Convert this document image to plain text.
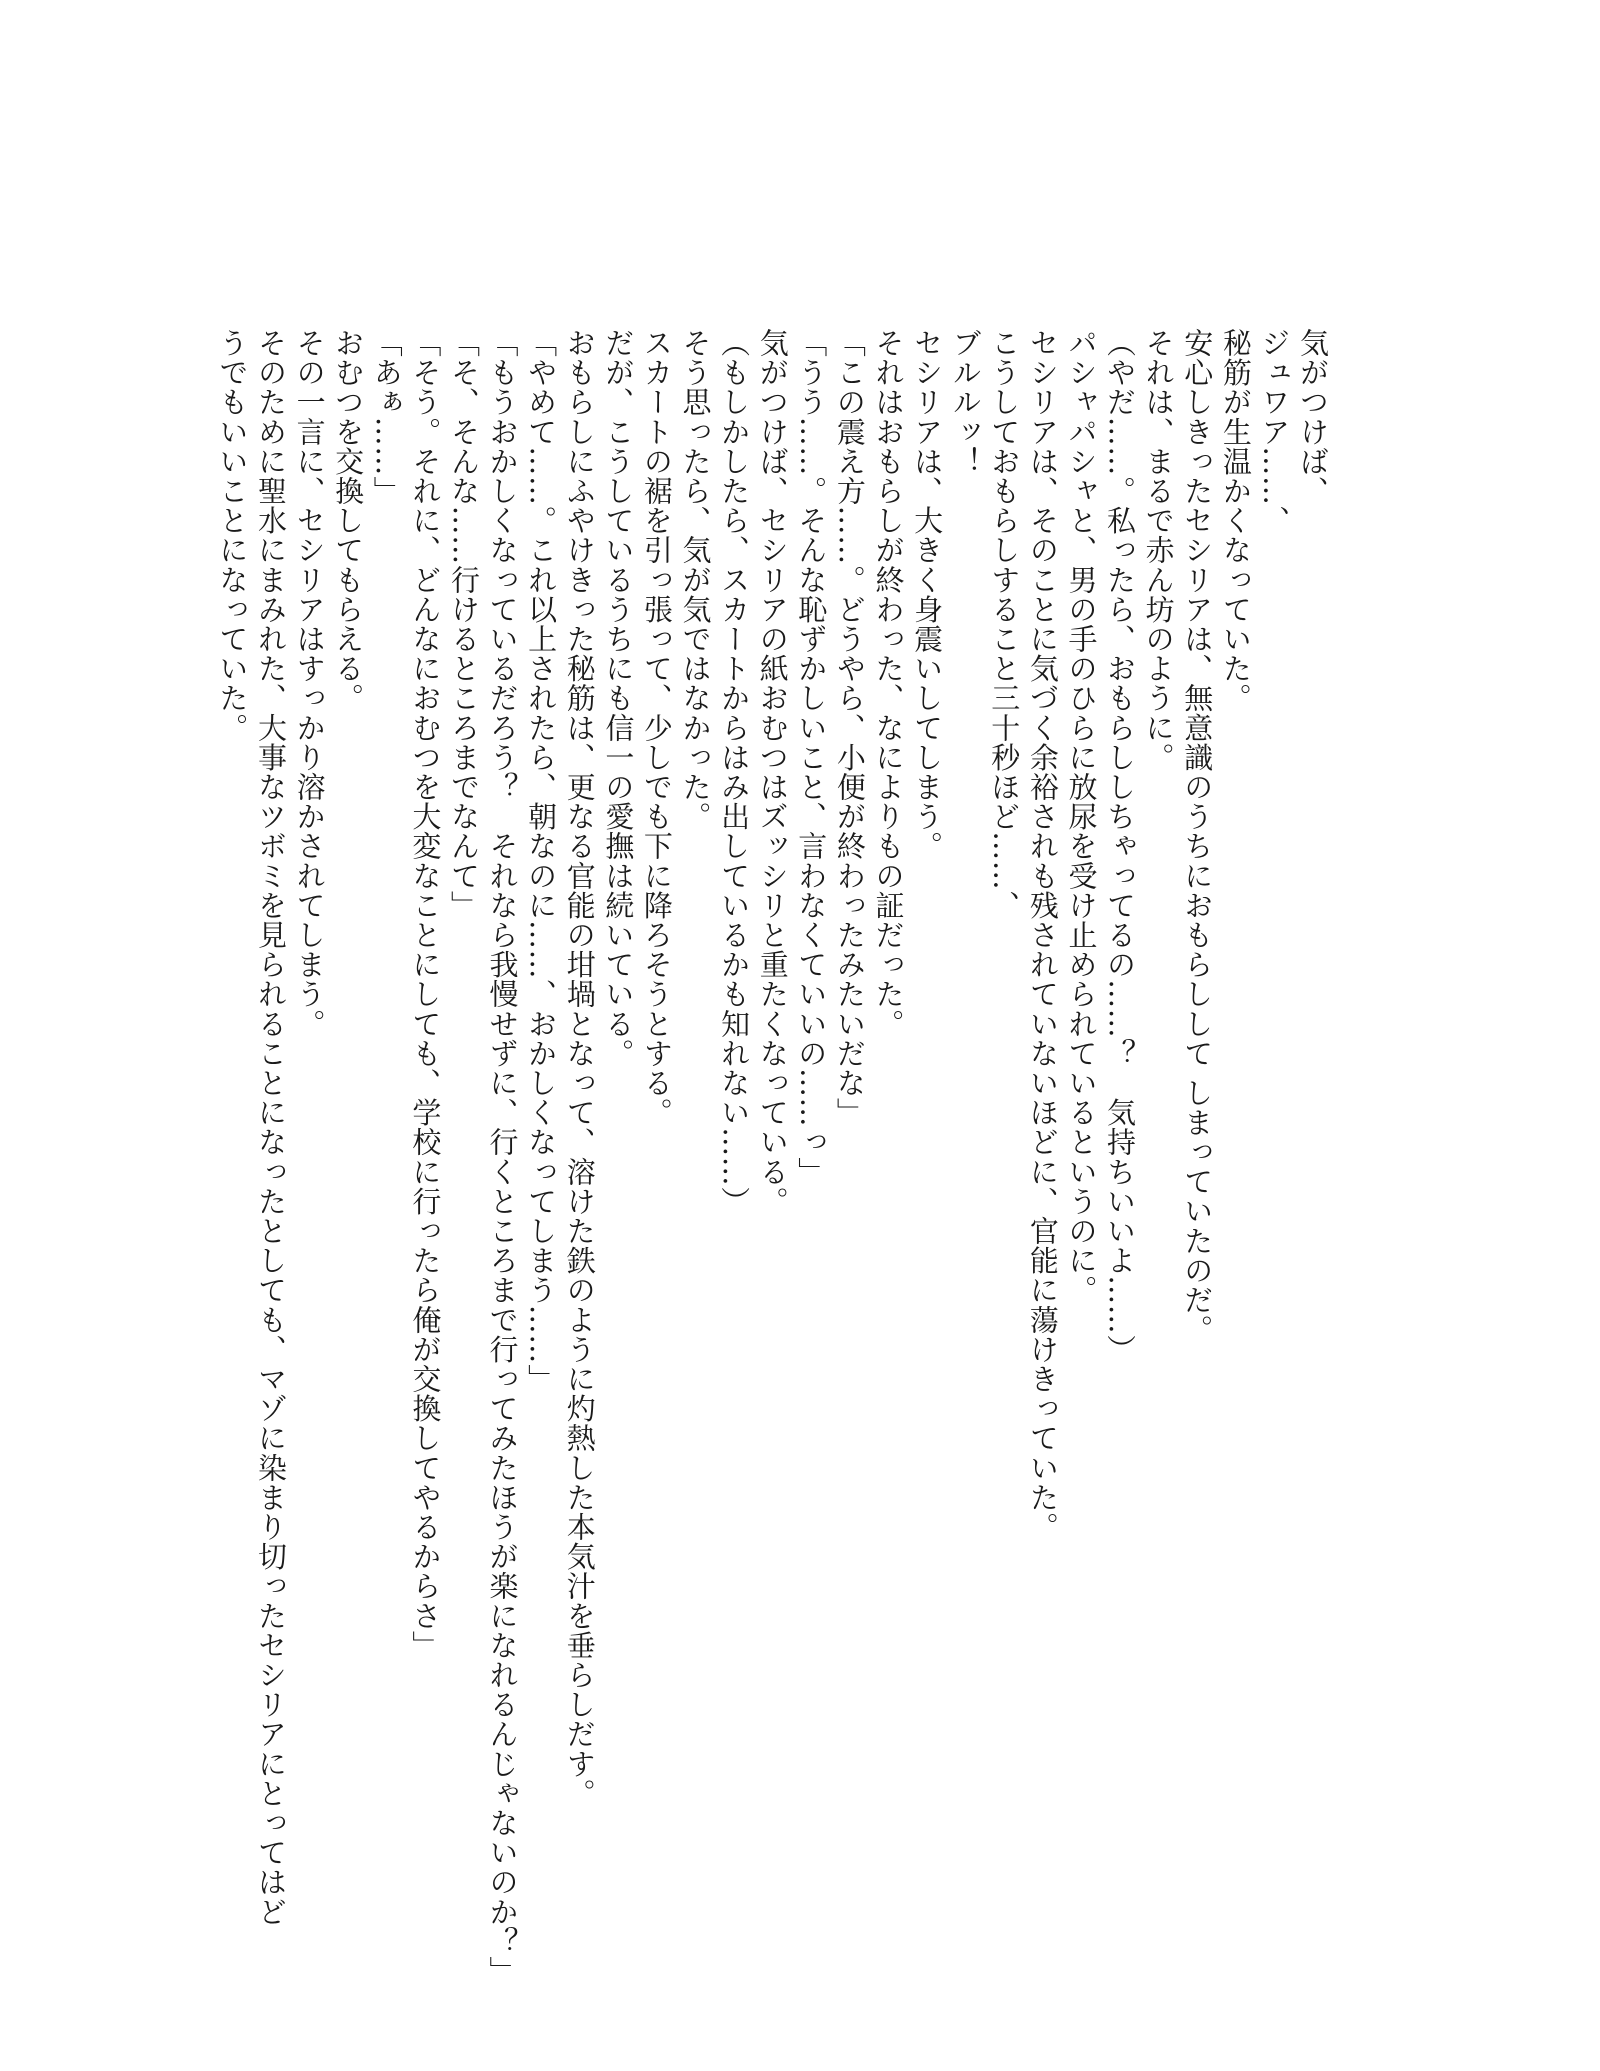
気がつけば、
ジュワア……、
秘筋が生温かくなっていた。
安心しきったセシリアは、無意識のうちにおもらしして しまっていたのだ。
それは、まるで赤ん坊のように。
（やだ……。私ったら、おもらししちゃってるの……？　気持ちいいよ……）
パシャパシャと、男の手のひらに放尿を受け止められているというのに。
セシリアは、そのことに気づく余裕されも残されていないほどに、官能に蕩けきっていた。
こうしておもらしすること三十秒ほど……、
ブルルッ！
セシリアは、大きく身震いしてしまう。
それはおもらしが終わった、なによりもの証だった。
「この震え方……。どうやら、小便が終わったみたいだな」
「うう……。そんな恥ずかしいこと、言わなくていいの……っ」
気がつけば、セシリアの紙おむつはズッシリと重たくなっている。
（もしかしたら、スカートからはみ出しているかも知れない……）
そう思ったら、気が気ではなかった。
スカートの裾を引っ張って、少しでも下に降ろそうとする。
だが、こうしているうちにも信一の愛撫は続いている。
おもらしにふやけきった秘筋は、更なる官能の坩堝となって、溶けた鉄のように灼熱した本気汁を垂らしだす。
「やめて……。これ以上されたら、朝なのに……、おかしくなってしまう……」
「もうおかしくなっているだろう？　それなら我慢せずに、行くところまで行ってみたほうが楽になれるんじゃないのか？」
「そ、そんな……行けるところまでなんて」
「そう。それに、どんなにおむつを大変なことにしても、学校に行ったら俺が交換してやるからさ」
「あぁ……」
おむつを交換してもらえる。
その一言に、セシリアはすっかり溶かされてしまう。
そのために聖水にまみれた、大事なツボミを見られることになったとしても、マゾに染まり切ったセシリアにとってはど
うでもいいことになっていた。
